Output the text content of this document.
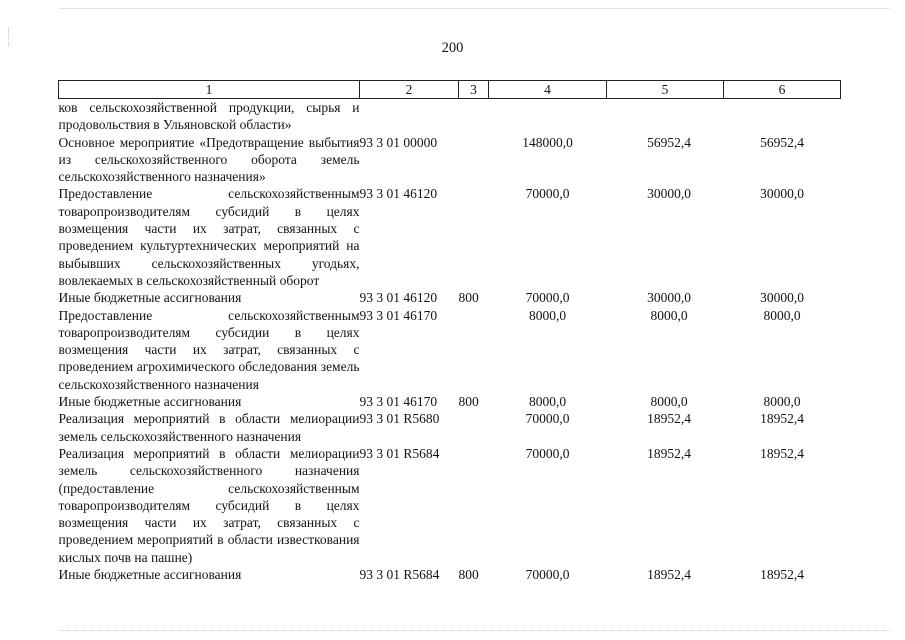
200
1	2	3	4	5	6
ков сельскохозяйственной продукции, сырья и продовольствия в Ульяновской области»					
Основное мероприятие «Предотвращение выбытия из сельскохозяйственного оборота земель сельскохозяйственного назначения»	93 3 01 00000		148000,0	56952,4	56952,4
Предоставление сельскохозяйственным товаропроизводителям субсидий в целях возмещения части их затрат, связанных с проведением культуртехнических мероприятий на выбывших сельскохозяйственных угодьях, вовлекаемых в сельскохозяйственный оборот	93 3 01 46120		70000,0	30000,0	30000,0
Иные бюджетные ассигнования	93 3 01 46120	800	70000,0	30000,0	30000,0
Предоставление сельскохозяйственным товаропроизводителям субсидии в целях возмещения части их затрат, связанных с проведением агрохимического обследования земель сельскохозяйственного назначения	93 3 01 46170		8000,0	8000,0	8000,0
Иные бюджетные ассигнования	93 3 01 46170	800	8000,0	8000,0	8000,0
Реализация мероприятий в области мелиорации земель сельскохозяйственного назначения	93 3 01 R5680		70000,0	18952,4	18952,4
Реализация мероприятий в области мелиорации земель сельскохозяйственного назначения (предоставление сельскохозяйственным товаропроизводителям субсидий в целях возмещения части их затрат, связанных с проведением мероприятий в области известкования кислых почв на пашне)	93 3 01 R5684		70000,0	18952,4	18952,4
Иные бюджетные ассигнования	93 3 01 R5684	800	70000,0	18952,4	18952,4
